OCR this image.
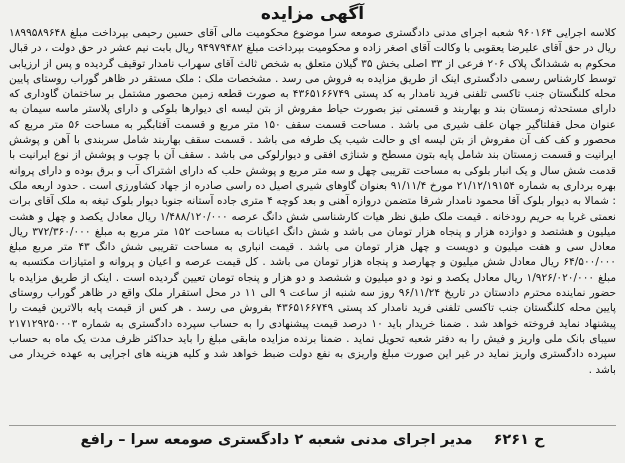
آگهی مزایده

کلاسه اجرایی ۹۶۰۱۶۴ شعبه اجرای مدنی دادگستری صومعه سرا موضوع محکومیت مالی آقای حسین رحیمی بپرداخت مبلغ ۱۸۹۹۵۸۹۶۴۸ ریال در حق آقای علیرضا یعقوبی با وکالت آقای اصغر زاده و محکومیت بپرداخت مبلغ ۹۴۹۷۹۴۸۲ ریال بابت نیم عشر در حق دولت ، در قبال محکوم به ششدانگ پلاک ۲۰۶ فرعی از ۳۳ اصلی بخش ۳۵ گیلان متعلق به شخص ثالث آقای سهراب نامدار توقیف گردیده و پس از ارزیابی توسط کارشناس رسمی دادگستری اینک از طریق مزایده به فروش می رسد . مشخصات ملک : ملک مستقر در ظاهر گوراب روستای پایین محله کلنگستان جنب تاکسی تلفنی فرید نامدار به کد پستی ۴۳۶۵۱۶۶۷۴۹ به صورت قطعه زمین محصور مشتمل بر ساختمان گاوداری که دارای مستحدثه زمستان بند و بهاربند و قسمتی نیز بصورت حیاط مفروش از بتن لیسه ای دیوارها بلوکی و دارای پلاستر ماسه سیمان به عنوان محل قفلتاگیر جهان علف شیری می باشد . مساحت قسمت سقف ۱۵۰ متر مربع و قسمت آفتابگیر به مساحت ۵۶ متر مربع که محصور و کف کف آن مفروش از بتن لیسه ای و حالت شیب یک طرفه می باشد . قسمت سقف بهاربند شامل سربندی با آهن و پوشش ایرانیت و قسمت زمستان بند شامل پایه بتون مسطح و شناژی افقی و دیوارلوکی می باشد . سقف آن با چوب و پوشش از نوع ایرانیت با قدمت شش سال و یک انبار بلوکی به مساحت تقریبی چهل و سه متر مربع و پوشش حلب که دارای اشتراک آب و برق بوده و دارای پروانه بهره برداری به شماره ۲۱/۱۲/۱۹۱۵۴ مورخ ۹۱/۱۱/۴ بعنوان گاوهای شیری اصیل ده راسی صادره از جهاد کشاورزی است . حدود اربعه ملک : شمالا به دیوار بلوک آقا محمود نامدار شرقا متضمن دروازه آهنی و بعد کوچه ۴ متری جاده آستانه جنوبا دیوار بلوک تیغه به ملک آقای برات نعمتی غربا به حریم رودخانه . قیمت ملک طبق نظر هیات کارشناسی شش دانگ عرصه ۱/۴۸۸/۱۲۰/۰۰۰ ریال معادل یکصد و چهل و هشت میلیون و هشتصد و دوازده هزار و پنجاه هزار تومان می باشد و شش دانگ اعیانات به مساحت ۱۵۲ متر مربع به مبلغ ۳۷۲/۳۶۰/۰۰۰ ریال معادل سی و هفت میلیون و دویست و چهل هزار تومان می باشد . قیمت انباری به مساحت تقریبی شش دانگ ۴۳ متر مربع مبلغ ۶۴/۵۰۰/۰۰۰ ریال معادل شش میلیون و چهارصد و پنجاه هزار تومان می باشد . کل قیمت عرصه و اعیان و پروانه و امتیازات مکتسبه به مبلغ ۱/۹۲۶/۰۲۰/۰۰۰ ریال معادل یکصد و نود و دو میلیون و ششصد و دو هزار و پنجاه تومان تعیین گردیده است . اینک از طریق مزایده با حضور نماینده محترم دادستان در تاریخ ۹۶/۱۱/۲۴ روز سه شنبه از ساعت ۹ الی ۱۱ در محل استقرار ملک واقع در ظاهر گوراب روستای پایین محله کلنگستان جنب تاکسی تلفنی فرید نامدار کد پستی ۴۳۶۵۱۶۶۷۴۹ بفروش می رسد . هر کس از قیمت پایه بالاترین قیمت را پیشنهاد نماید فروخته خواهد شد . ضمنا خریدار باید ۱۰ درصد قیمت پیشنهادی را به حساب سپرده دادگستری به شماره ۲۱۷۱۲۹۲۵۰۰۰۳ سیبای بانک ملی واریز و فیش را به دفتر شعبه تحویل نماید . ضمنا برنده مزایده مابقی مبلغ را باید حداکثر ظرف مدت یک ماه به حساب سپرده دادگستری واریز نماید در غیر این صورت مبلغ واریزی به نفع دولت ضبط خواهد شد و کلیه هزینه های اجرایی به عهده خریدار می باشد .

ح ۶۲۶۱ مدیر اجرای مدنی شعبه ۲ دادگستری صومعه سرا – رافع
